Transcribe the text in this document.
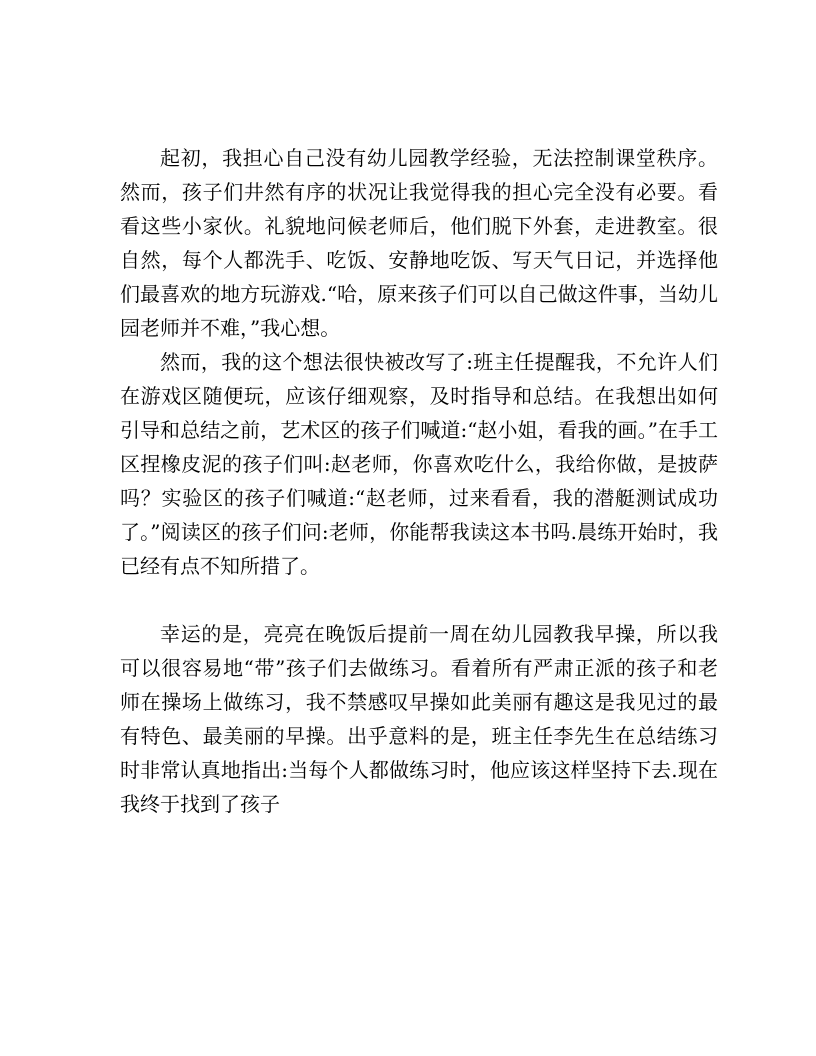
起初，我担心自己没有幼儿园教学经验，无法控制课堂秩序。然而，孩子们井然有序的状况让我觉得我的担心完全没有必要。看看这些小家伙。礼貌地问候老师后，他们脱下外套，走进教室。很自然，每个人都洗手、吃饭、安静地吃饭、写天气日记，并选择他们最喜欢的地方玩游戏.“哈，原来孩子们可以自己做这件事，当幼儿园老师并不难，”我心想。

然而，我的这个想法很快被改写了:班主任提醒我，不允许人们在游戏区随便玩，应该仔细观察，及时指导和总结。在我想出如何引导和总结之前，艺术区的孩子们喊道:“赵小姐，看我的画。”在手工区捏橡皮泥的孩子们叫:赵老师，你喜欢吃什么，我给你做，是披萨吗？实验区的孩子们喊道:“赵老师，过来看看，我的潜艇测试成功了。”阅读区的孩子们问:老师，你能帮我读这本书吗.晨练开始时，我已经有点不知所措了。

幸运的是，亮亮在晚饭后提前一周在幼儿园教我早操，所以我可以很容易地“带”孩子们去做练习。看着所有严肃正派的孩子和老师在操场上做练习，我不禁感叹早操如此美丽有趣这是我见过的最有特色、最美丽的早操。出乎意料的是，班主任李先生在总结练习时非常认真地指出:当每个人都做练习时，他应该这样坚持下去.现在我终于找到了孩子
